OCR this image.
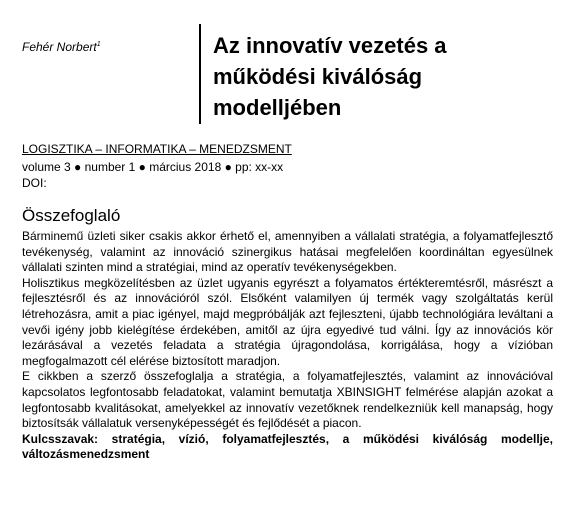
Fehér Norbert$^1$	Az innovatív vezetés a
működési kiválóság
modelljében
LOGISZTIKA – INFORMATIKA – MENEDZSMENT
volume 3 ● number 1 ● március 2018 ● pp: xx-xx
DOI:
Összefoglaló

Bárminemű üzleti siker csakis akkor érhető el, amennyiben a vállalati stratégia, a folyamatfejlesztő tevékenység, valamint az innováció szinergikus hatásai megfelelően koordináltan egyesülnek vállalati szinten mind a stratégiai, mind az operatív tevékenységekben.

Holisztikus megközelítésben az üzlet ugyanis egyrészt a folyamatos értékteremtésről, másrészt a fejlesztésről és az innovációról szól. Elsőként valamilyen új termék vagy szolgáltatás kerül létrehozásra, amit a piac igényel, majd megpróbálják azt fejleszteni, újabb technológiára leváltani a vevői igény jobb kielégítése érdekében, amitől az újra egyedivé tud válni. Így az innovációs kör lezárásával a vezetés feladata a stratégia újragondolása, korrigálása, hogy a vízióban megfogalmazott cél elérése biztosított maradjon.

E cikkben a szerző összefoglalja a stratégia, a folyamatfejlesztés, valamint az innovációval kapcsolatos legfontosabb feladatokat, valamint bemutatja XBINSIGHT felmérése alapján azokat a legfontosabb kvalitásokat, amelyekkel az innovatív vezetőknek rendelkezniük kell manapság, hogy biztosítsák vállalatuk versenyképességét és fejlődését a piacon.

Kulcsszavak: stratégia, vízió, folyamatfejlesztés, a működési kiválóság modellje, változásmenedzsment
